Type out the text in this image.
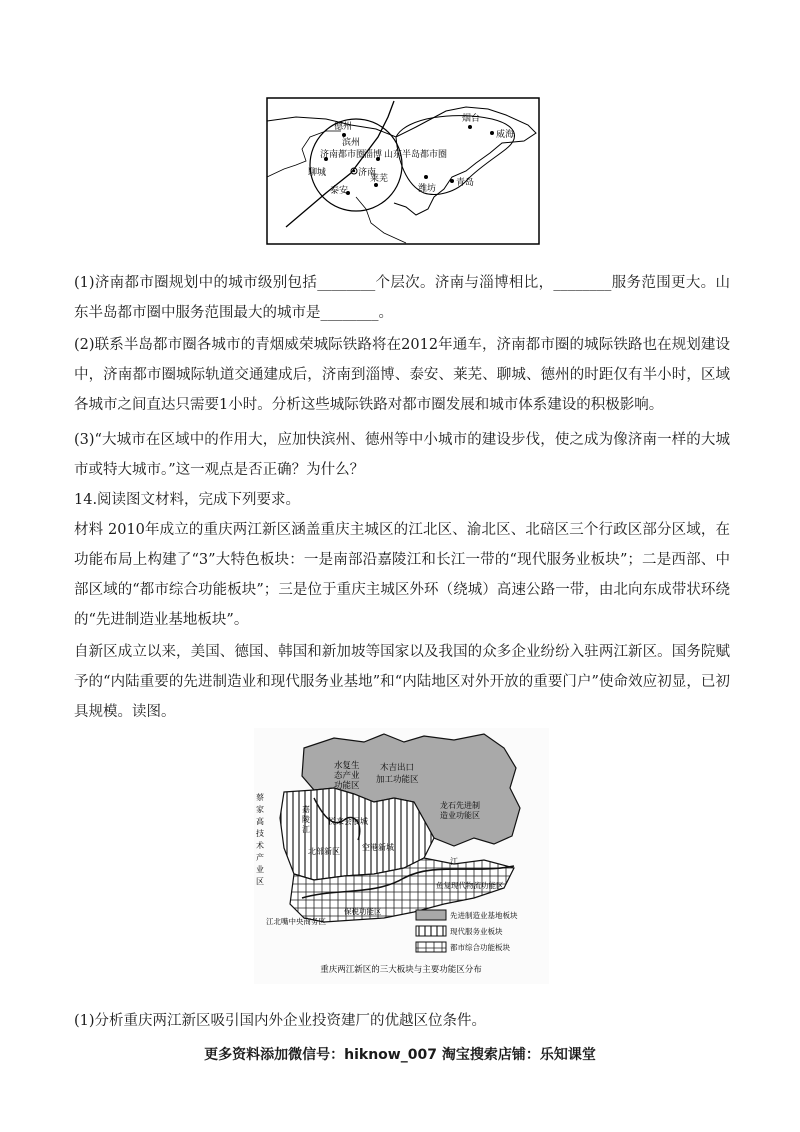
德州
滨州
济南都市圈
淄博 山东半岛都市圈
聊城	济南
莱芜
泰安	潍坊
青岛
烟台
威海

(1)济南都市圈规划中的城市级别包括________个层次。济南与淄博相比，________服务范围更大。山东半岛都市圈中服务范围最大的城市是________。

(2)联系半岛都市圈各城市的青烟威荣城际铁路将在2012年通车，济南都市圈的城际铁路也在规划建设中，济南都市圈城际轨道交通建成后，济南到淄博、泰安、莱芜、聊城、德州的时距仅有半小时，区域各城市之间直达只需要1小时。分析这些城际铁路对都市圈发展和城市体系建设的积极影响。

(3)“大城市在区域中的作用大，应加快滨州、德州等中小城市的建设步伐，使之成为像济南一样的大城市或特大城市。”这一观点是否正确？为什么？

14.阅读图文材料，完成下列要求。

材料 2010年成立的重庆两江新区涵盖重庆主城区的江北区、渝北区、北碚区三个行政区部分区域，在功能布局上构建了“3”大特色板块：一是南部沿嘉陵江和长江一带的“现代服务业板块”；二是西部、中部区域的“都市综合功能板块”；三是位于重庆主城区外环（绕城）高速公路一带，由北向东成带状环绕的“先进制造业基地板块”。

自新区成立以来，美国、德国、韩国和新加坡等国家以及我国的众多企业纷纷入驻两江新区。国务院赋予的“内陆重要的先进制造业和现代服务业基地”和“内陆地区对外开放的重要门户”使命效应初显，已初具规模。读图。

水复生
态产业
功能区
木吉出口
加工功能区
龙石先进制
造业功能区
蔡
家
高
技
术
产
业
区
嘉
陵
江
悦来会展城
北部新区	空港新城
江
鱼复现代物流功能区
保税功能区
江北嘴中央商务区
先进制造业基地板块
现代服务业板块
都市综合功能板块
重庆两江新区的三大板块与主要功能区分布

(1)分析重庆两江新区吸引国内外企业投资建厂的优越区位条件。

更多资料添加微信号：hiknow_007 淘宝搜索店铺：乐知课堂
